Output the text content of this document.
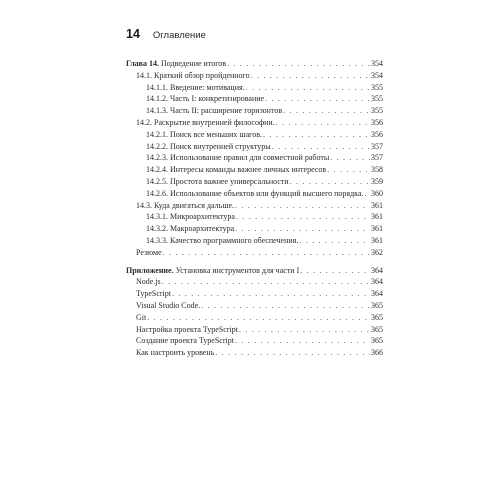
14 Оглавление
Глава 14. Подведение итогов . . .	354
14.1. Краткий обзор пройденного . . .	354
14.1.1. Введение: мотивация. . . .	355
14.1.2. Часть I: конкретизирование . . .	355
14.1.3. Часть II: расширение горизонтов . . .	355
14.2. Раскрытие внутренней философии. . . .	356
14.2.1. Поиск все меньших шагов. . . .	356
14.2.2. Поиск внутренней структуры . . .	357
14.2.3. Использование правил для совместной работы . . .	357
14.2.4. Интересы команды важнее личных интересов . . .	358
14.2.5. Простота важнее универсальности . . .	359
14.2.6. Использование объектов или функций высшего порядка. . . . 360
14.3. Куда двигаться дальше. . . .	361
14.3.1. Микроархитектура . . .	361
14.3.2. Макроархитектура . . .	361
14.3.3. Качество программного обеспечения. . . .	361
Резюме . . .	362
Приложение. Установка инструментов для части I . . .	364
Node.js . . .	364
TypeScript . . .	364
Visual Studio Code. . . .	365
Git . . .	365
Настройка проекта TypeScript . . .	365
Создание проекта TypeScript . . .	365
Как настроить уровень . . .	366
